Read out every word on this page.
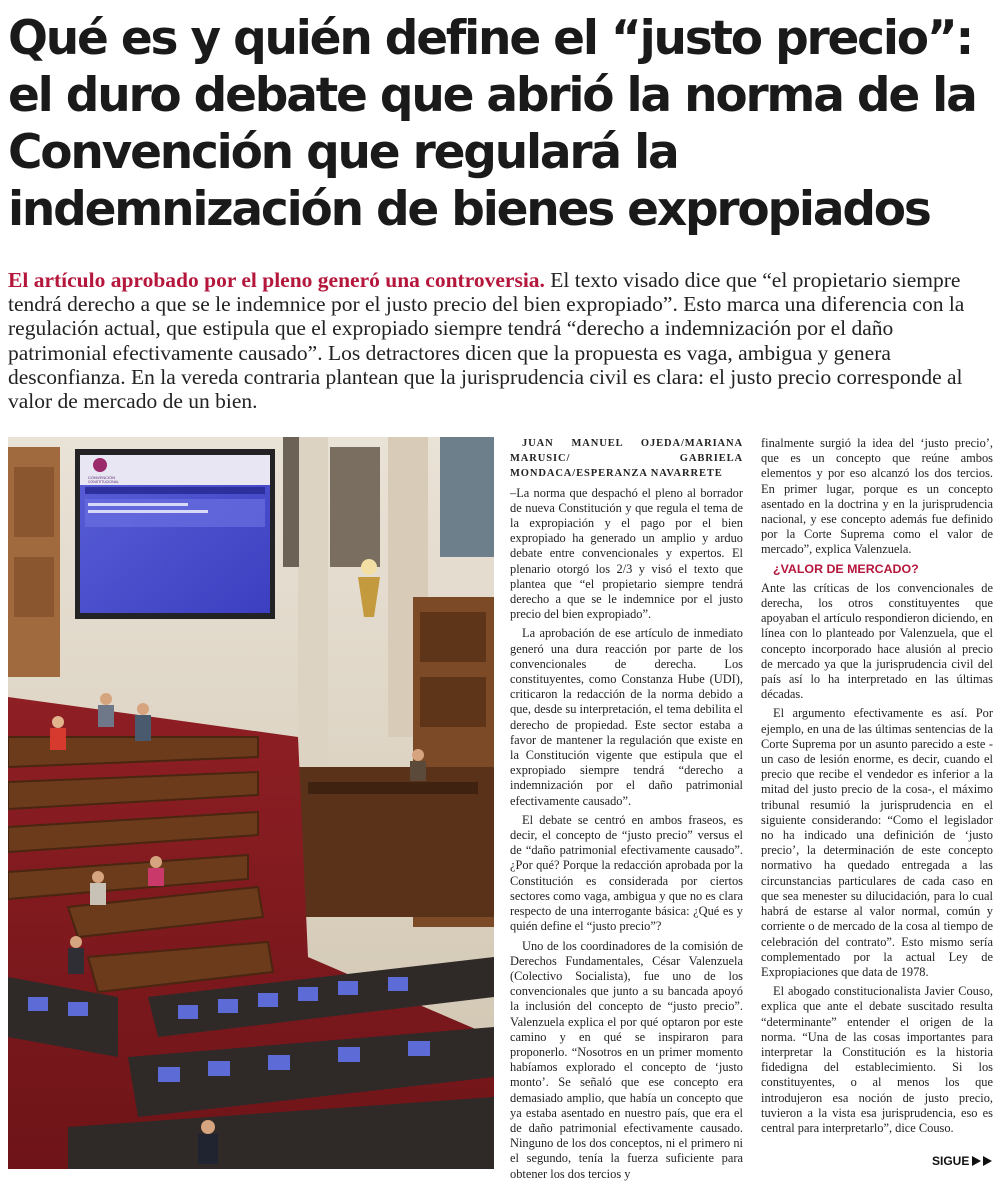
Qué es y quién define el “justo precio”: el duro debate que abrió la norma de la Convención que regulará la indemnización de bienes expropiados

El artículo aprobado por el pleno generó una controversia. El texto visado dice que “el propietario siempre tendrá derecho a que se le indemnice por el justo precio del bien expropiado”. Esto marca una diferencia con la regulación actual, que estipula que el expropiado siempre tendrá “derecho a indemnización por el daño patrimonial efectivamente causado”. Los detractores dicen que la propuesta es vaga, ambigua y genera desconfianza. En la vereda contraria plantean que la jurisprudencia civil es clara: el justo precio corresponde al valor de mercado de un bien.

CONVENCIÓN
CONSTITUCIONAL

JUAN MANUEL OJEDA/MARIANA MARUSIC/ GABRIELA MONDACA/ESPERANZA NAVARRETE

–La norma que despachó el pleno al borrador de nueva Constitución y que regula el tema de la expropiación y el pago por el bien expropiado ha generado un amplio y arduo debate entre convencionales y expertos. El plenario otorgó los 2/3 y visó el texto que plantea que “el propietario siempre tendrá derecho a que se le indemnice por el justo precio del bien expropiado”.

La aprobación de ese artículo de inmediato generó una dura reacción por parte de los convencionales de derecha. Los constituyentes, como Constanza Hube (UDI), criticaron la redacción de la norma debido a que, desde su interpretación, el tema debilita el derecho de propiedad. Este sector estaba a favor de mantener la regulación que existe en la Constitución vigente que estipula que el expropiado siempre tendrá “derecho a indemnización por el daño patrimonial efectivamente causado”.

El debate se centró en ambos fraseos, es decir, el concepto de “justo precio” versus el de “daño patrimonial efectivamente causado”. ¿Por qué? Porque la redacción aprobada por la Constitución es considerada por ciertos sectores como vaga, ambigua y que no es clara respecto de una interrogante básica: ¿Qué es y quién define el “justo precio”?

Uno de los coordinadores de la comisión de Derechos Fundamentales, César Valenzuela (Colectivo Socialista), fue uno de los convencionales que junto a su bancada apoyó la inclusión del concepto de “justo precio”. Valenzuela explica el por qué optaron por este camino y en qué se inspiraron para proponerlo. “Nosotros en un primer momento habíamos explorado el concepto de ‘justo monto’. Se señaló que ese concepto era demasiado amplio, que había un concepto que ya estaba asentado en nuestro país, que era el de daño patrimonial efectivamente causado. Ninguno de los dos conceptos, ni el primero ni el segundo, tenía la fuerza suficiente para obtener los dos tercios y

finalmente surgió la idea del ‘justo precio’, que es un concepto que reúne ambos elementos y por eso alcanzó los dos tercios. En primer lugar, porque es un concepto asentado en la doctrina y en la jurisprudencia nacional, y ese concepto además fue definido por la Corte Suprema como el valor de mercado”, explica Valenzuela.

¿VALOR DE MERCADO?

Ante las críticas de los convencionales de derecha, los otros constituyentes que apoyaban el artículo respondieron diciendo, en línea con lo planteado por Valenzuela, que el concepto incorporado hace alusión al precio de mercado ya que la jurisprudencia civil del país así lo ha interpretado en las últimas décadas.

El argumento efectivamente es así. Por ejemplo, en una de las últimas sentencias de la Corte Suprema por un asunto parecido a este -un caso de lesión enorme, es decir, cuando el precio que recibe el vendedor es inferior a la mitad del justo precio de la cosa-, el máximo tribunal resumió la jurisprudencia en el siguiente considerando: “Como el legislador no ha indicado una definición de ‘justo precio’, la determinación de este concepto normativo ha quedado entregada a las circunstancias particulares de cada caso en que sea menester su dilucidación, para lo cual habrá de estarse al valor normal, común y corriente o de mercado de la cosa al tiempo de celebración del contrato”. Esto mismo sería complementado por la actual Ley de Expropiaciones que data de 1978.

El abogado constitucionalista Javier Couso, explica que ante el debate suscitado resulta “determinante” entender el origen de la norma. “Una de las cosas importantes para interpretar la Constitución es la historia fidedigna del establecimiento. Si los constituyentes, o al menos los que introdujeron esa noción de justo precio, tuvieron a la vista esa jurisprudencia, eso es central para interpretarlo”, dice Couso.

SIGUE
